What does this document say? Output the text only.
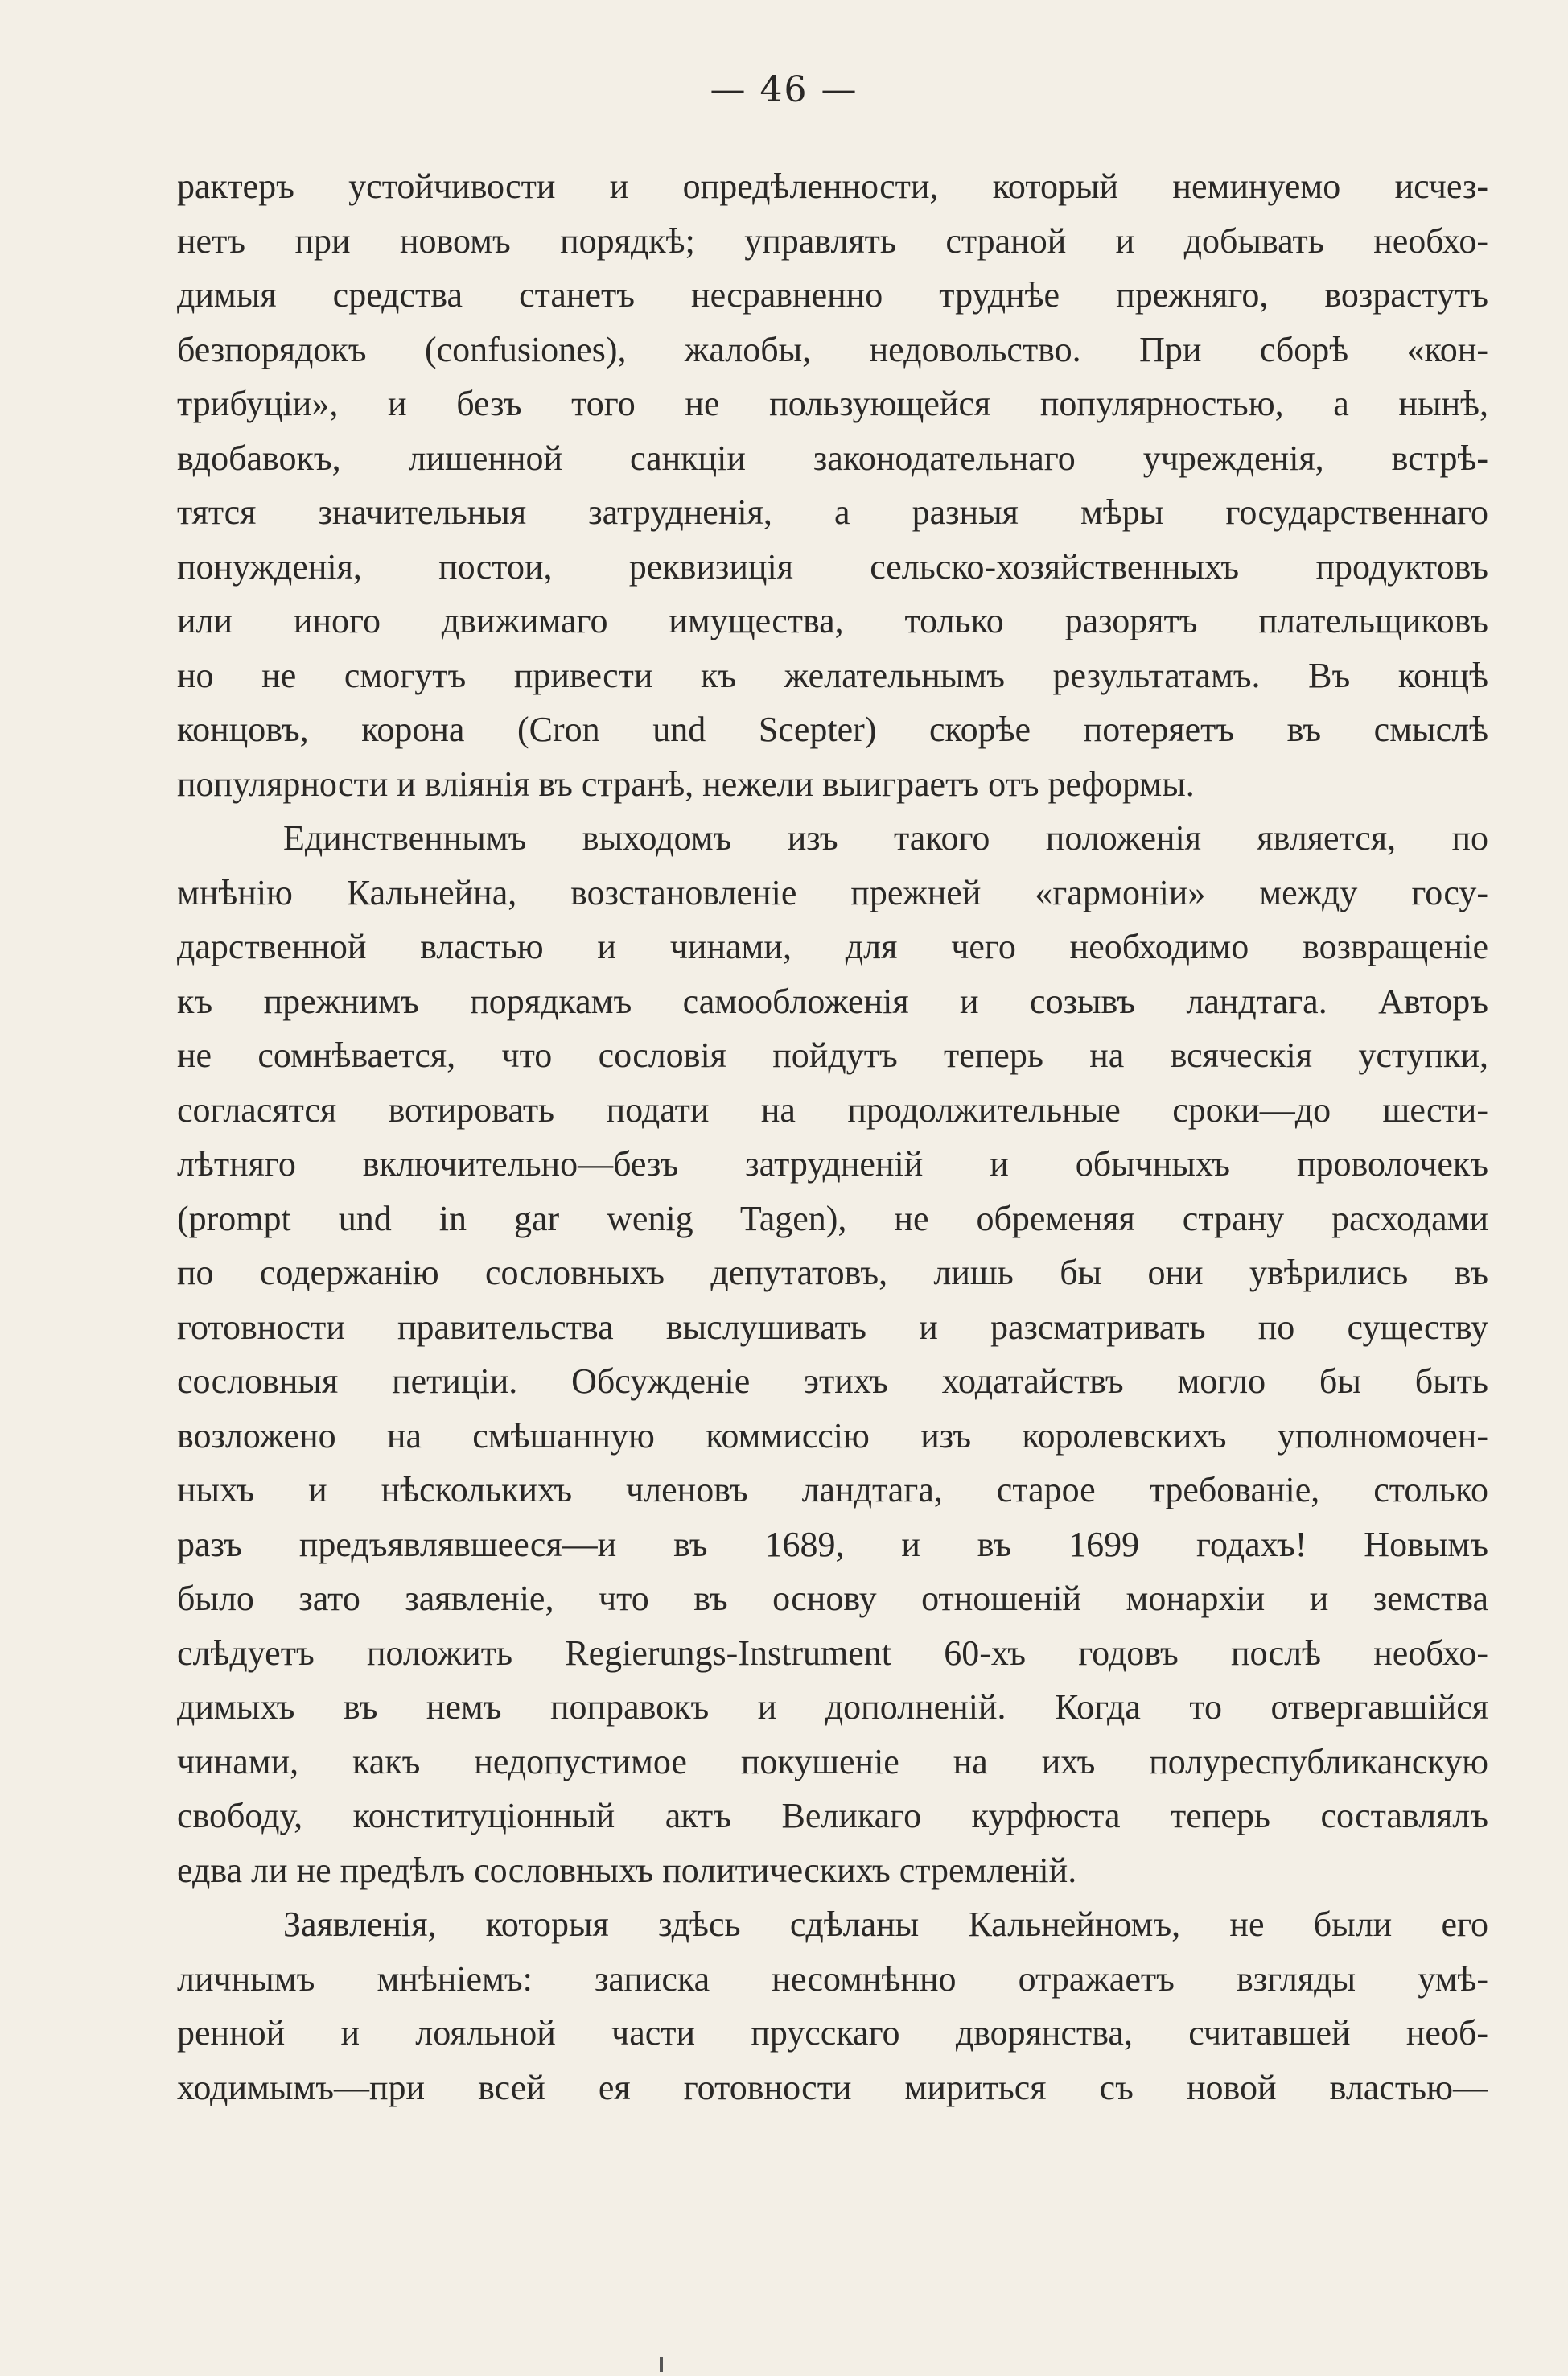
— 46 —
рактеръ устойчивости и опредѣленности, который неминуемо исчез-
нетъ при новомъ порядкѣ; управлять страной и добывать необхо-
димыя средства станетъ несравненно труднѣе прежняго, возрастутъ
безпорядокъ (confusiones), жалобы, недовольство. При сборѣ «кон-
трибуціи», и безъ того не пользующейся популярностью, а нынѣ,
вдобавокъ, лишенной санкціи законодательнаго учрежденія, встрѣ-
тятся значительныя затрудненія, а разныя мѣры государственнаго
понужденія, постои, реквизиція сельско-хозяйственныхъ продуктовъ
или иного движимаго имущества, только разорятъ плательщиковъ
но не смогутъ привести къ желательнымъ результатамъ. Въ концѣ
концовъ, корона (Cron und Scepter) скорѣе потеряетъ въ смыслѣ
популярности и вліянія въ странѣ, нежели выиграетъ отъ реформы.
Единственнымъ выходомъ изъ такого положенія является, по
мнѣнію Кальнейна, возстановленіе прежней «гармоніи» между госу-
дарственной властью и чинами, для чего необходимо возвращеніе
къ прежнимъ порядкамъ самообложенія и созывъ ландтага. Авторъ
не сомнѣвается, что сословія пойдутъ теперь на всяческія уступки,
согласятся вотировать подати на продолжительные сроки—до шести-
лѣтняго включительно—безъ затрудненій и обычныхъ проволочекъ
(prompt und in gar wenig Tagen), не обременяя страну расходами
по содержанію сословныхъ депутатовъ, лишь бы они увѣрились въ
готовности правительства выслушивать и разсматривать по существу
сословныя петиціи. Обсужденіе этихъ ходатайствъ могло бы быть
возложено на смѣшанную коммиссію изъ королевскихъ уполномочен-
ныхъ и нѣсколькихъ членовъ ландтага, старое требованіе, столько
разъ предъявлявшееся—и въ 1689, и въ 1699 годахъ! Новымъ
было зато заявленіе, что въ основу отношеній монархіи и земства
слѣдуетъ положить Regierungs-Instrument 60-хъ годовъ послѣ необхо-
димыхъ въ немъ поправокъ и дополненій. Когда то отвергавшійся
чинами, какъ недопустимое покушеніе на ихъ полуреспубликанскую
свободу, конституціонный актъ Великаго курфюста теперь составлялъ
едва ли не предѣлъ сословныхъ политическихъ стремленій.
Заявленія, которыя здѣсь сдѣланы Кальнейномъ, не были его
личнымъ мнѣніемъ: записка несомнѣнно отражаетъ взгляды умѣ-
ренной и лояльной части прусскаго дворянства, считавшей необ-
ходимымъ—при всей ея готовности мириться съ новой властью—
